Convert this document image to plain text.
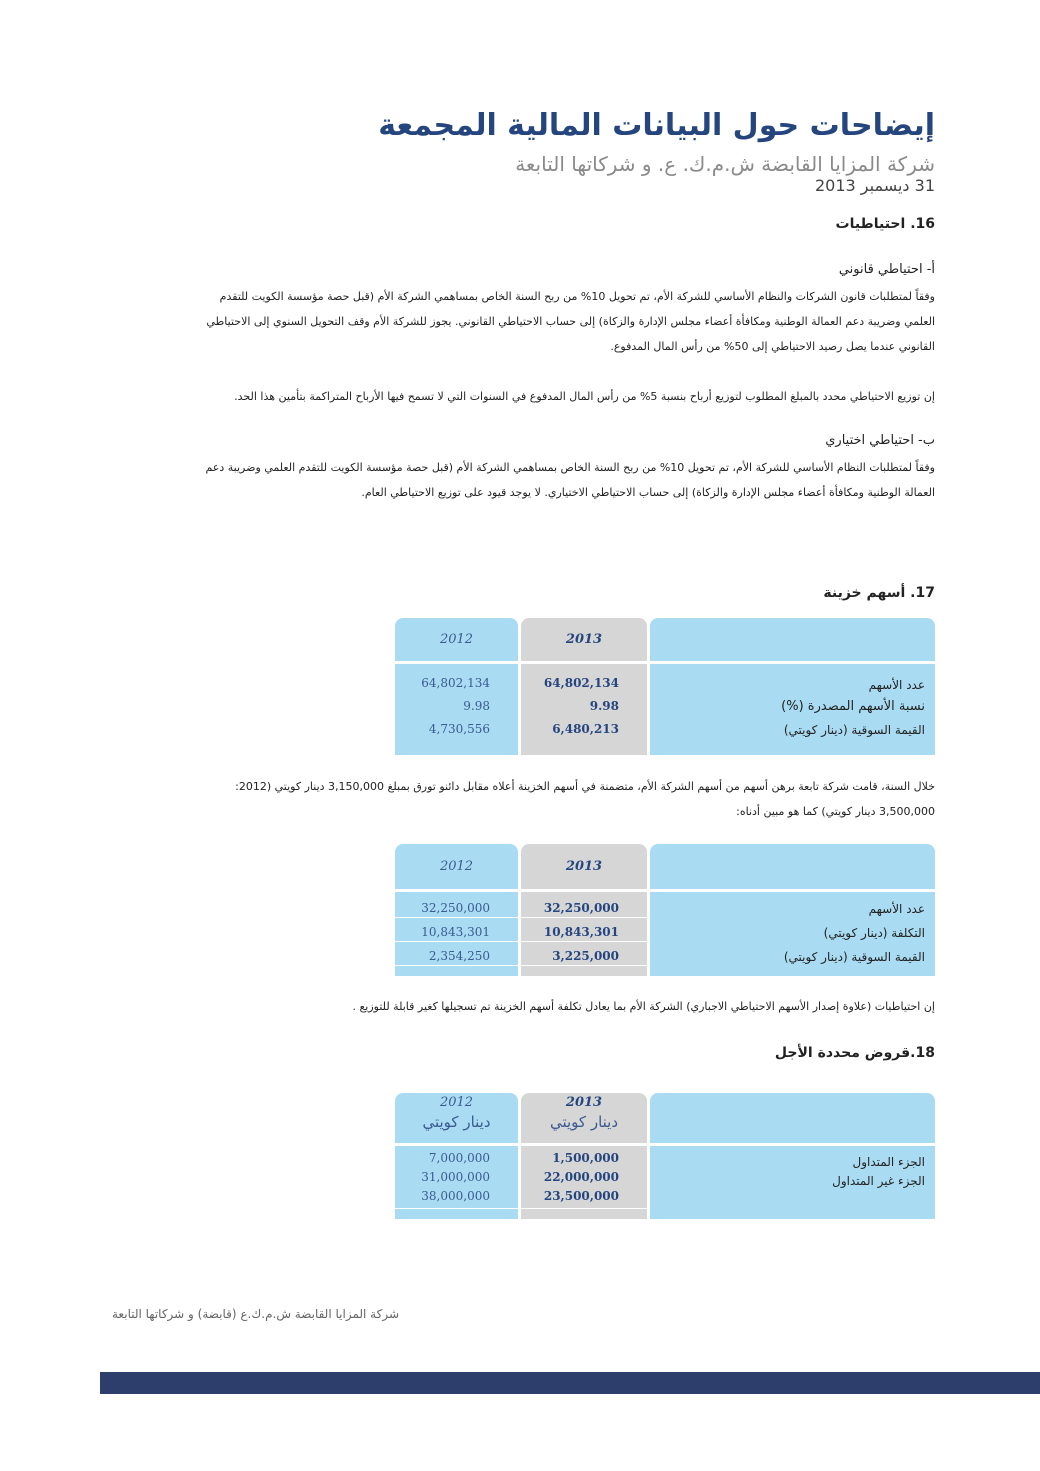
إيضاحات حول البيانات المالية المجمعة
شركة المزايا القابضة ش.م.ك. ع. و شركاتها التابعة
31 ديسمبر 2013
16. احتياطيات
أ- احتياطي قانوني
وفقاً لمتطلبات قانون الشركات والنظام الأساسي للشركة الأم، تم تحويل 10% من ربح السنة الخاص بمساهمي الشركة الأم (قبل حصة مؤسسة الكويت للتقدم
العلمي وضريبة دعم العمالة الوطنية ومكافأة أعضاء مجلس الإدارة والزكاة) إلى حساب الاحتياطي القانوني. يجوز للشركة الأم وقف التحويل السنوي إلى الاحتياطي
القانوني عندما يصل رصيد الاحتياطي إلى 50% من رأس المال المدفوع.
إن توزيع الاحتياطي محدد بالمبلغ المطلوب لتوزيع أرباح بنسبة 5% من رأس المال المدفوع في السنوات التي لا تسمح فيها الأرباح المتراكمة بتأمين هذا الحد.
ب- احتياطي اختياري
وفقاً لمتطلبات النظام الأساسي للشركة الأم، تم تحويل 10% من ربح السنة الخاص بمساهمي الشركة الأم (قبل حصة مؤسسة الكويت للتقدم العلمي وضريبة دعم
العمالة الوطنية ومكافأة أعضاء مجلس الإدارة والزكاة) إلى حساب الاحتياطي الاختياري. لا يوجد قيود على توزيع الاحتياطي العام.
17. أسهم خزينة
2012	2013
64,802,134
9.98
4,730,556
64,802,134
9.98
6,480,213
عدد الأسهم
نسبة الأسهم المصدرة (%)
القيمة السوقية (دينار كويتي)
خلال السنة، قامت شركة تابعة برهن أسهم من أسهم الشركة الأم، متضمنة في أسهم الخزينة أعلاه مقابل دائنو تورق بمبلغ 3,150,000 دينار كويتي (2012:
3,500,000 دينار كويتي) كما هو مبين أدناه:
2012	2013
32,250,000
10,843,301
2,354,250
32,250,000
10,843,301
3,225,000
عدد الأسهم
التكلفة (دينار كويتي)
القيمة السوقية (دينار كويتي)
إن احتياطيات (علاوة إصدار الأسهم الاحتياطي الاجباري) الشركة الأم بما يعادل تكلفة أسهم الخزينة تم تسجيلها كغير قابلة للتوزيع .
18.قروض محددة الأجل
2012
دينار كويتي
2013
دينار كويتي
7,000,000
31,000,000
38,000,000
1,500,000
22,000,000
23,500,000
الجزء المتداول
الجزء غير المتداول
شركة المزايا القابضة ش.م.ك.ع (قابضة) و شركاتها التابعة
